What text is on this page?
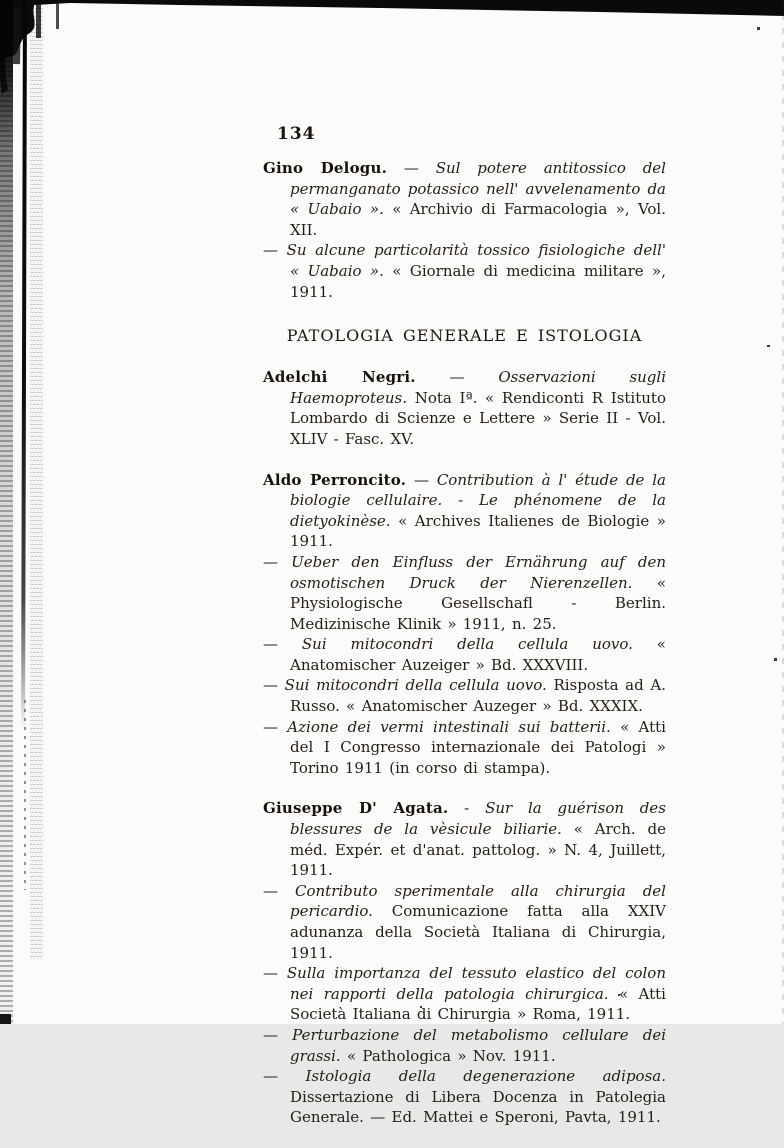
134

Gino Delogu. — Sul potere antitossico del permanganato potassico nell' avvelenamento da « Uabaio ». « Archivio di Farmacologia », Vol. XII.

— Su alcune particolarità tossico fisiologiche dell' « Uabaio ». « Giornale di medicina militare », 1911.

PATOLOGIA GENERALE E ISTOLOGIA

Adelchi Negri. — Osservazioni sugli Haemoproteus. Nota Iª. « Rendiconti R Istituto Lombardo di Scienze e Lettere » Serie II - Vol. XLIV - Fasc. XV.

Aldo Perroncito. — Contribution à l' étude de la biologie cellulaire. - Le phénomene de la dietyokinèse. « Archives Italienes de Biologie » 1911.

— Ueber den Einfluss der Ernährung auf den osmotischen Druck der Nierenzellen. « Physiologische Gesellschafl - Berlin. Medizinische Klinik » 1911, n. 25.

— Sui mitocondri della cellula uovo. « Anatomischer Auzeiger » Bd. XXXVIII.

— Sui mitocondri della cellula uovo. Risposta ad A. Russo. « Anatomischer Auzeger » Bd. XXXIX.

— Azione dei vermi intestinali sui batterii. « Atti del I Congresso internazionale dei Patologi » Torino 1911 (in corso di stampa).

Giuseppe D' Agata. - Sur la guérison des blessures de la vèsicule biliarie. « Arch. de méd. Expér. et d'anat. pattolog. » N. 4, Juillett, 1911.

— Contributo sperimentale alla chirurgia del pericardio. Comunicazione fatta alla XXIV adunanza della Società Italiana di Chirurgia, 1911.

— Sulla importanza del tessuto elastico del colon nei rapporti della patologia chirurgica. « Atti Società Italiana di Chirurgia » Roma, 1911.

— Perturbazione del metabolismo cellulare dei grassi. « Pathologica » Nov. 1911.

— Istologia della degenerazione adiposa. Dissertazione di Libera Docenza in Patolegia Generale. — Ed. Mattei e Speroni, Pavta, 1911.
